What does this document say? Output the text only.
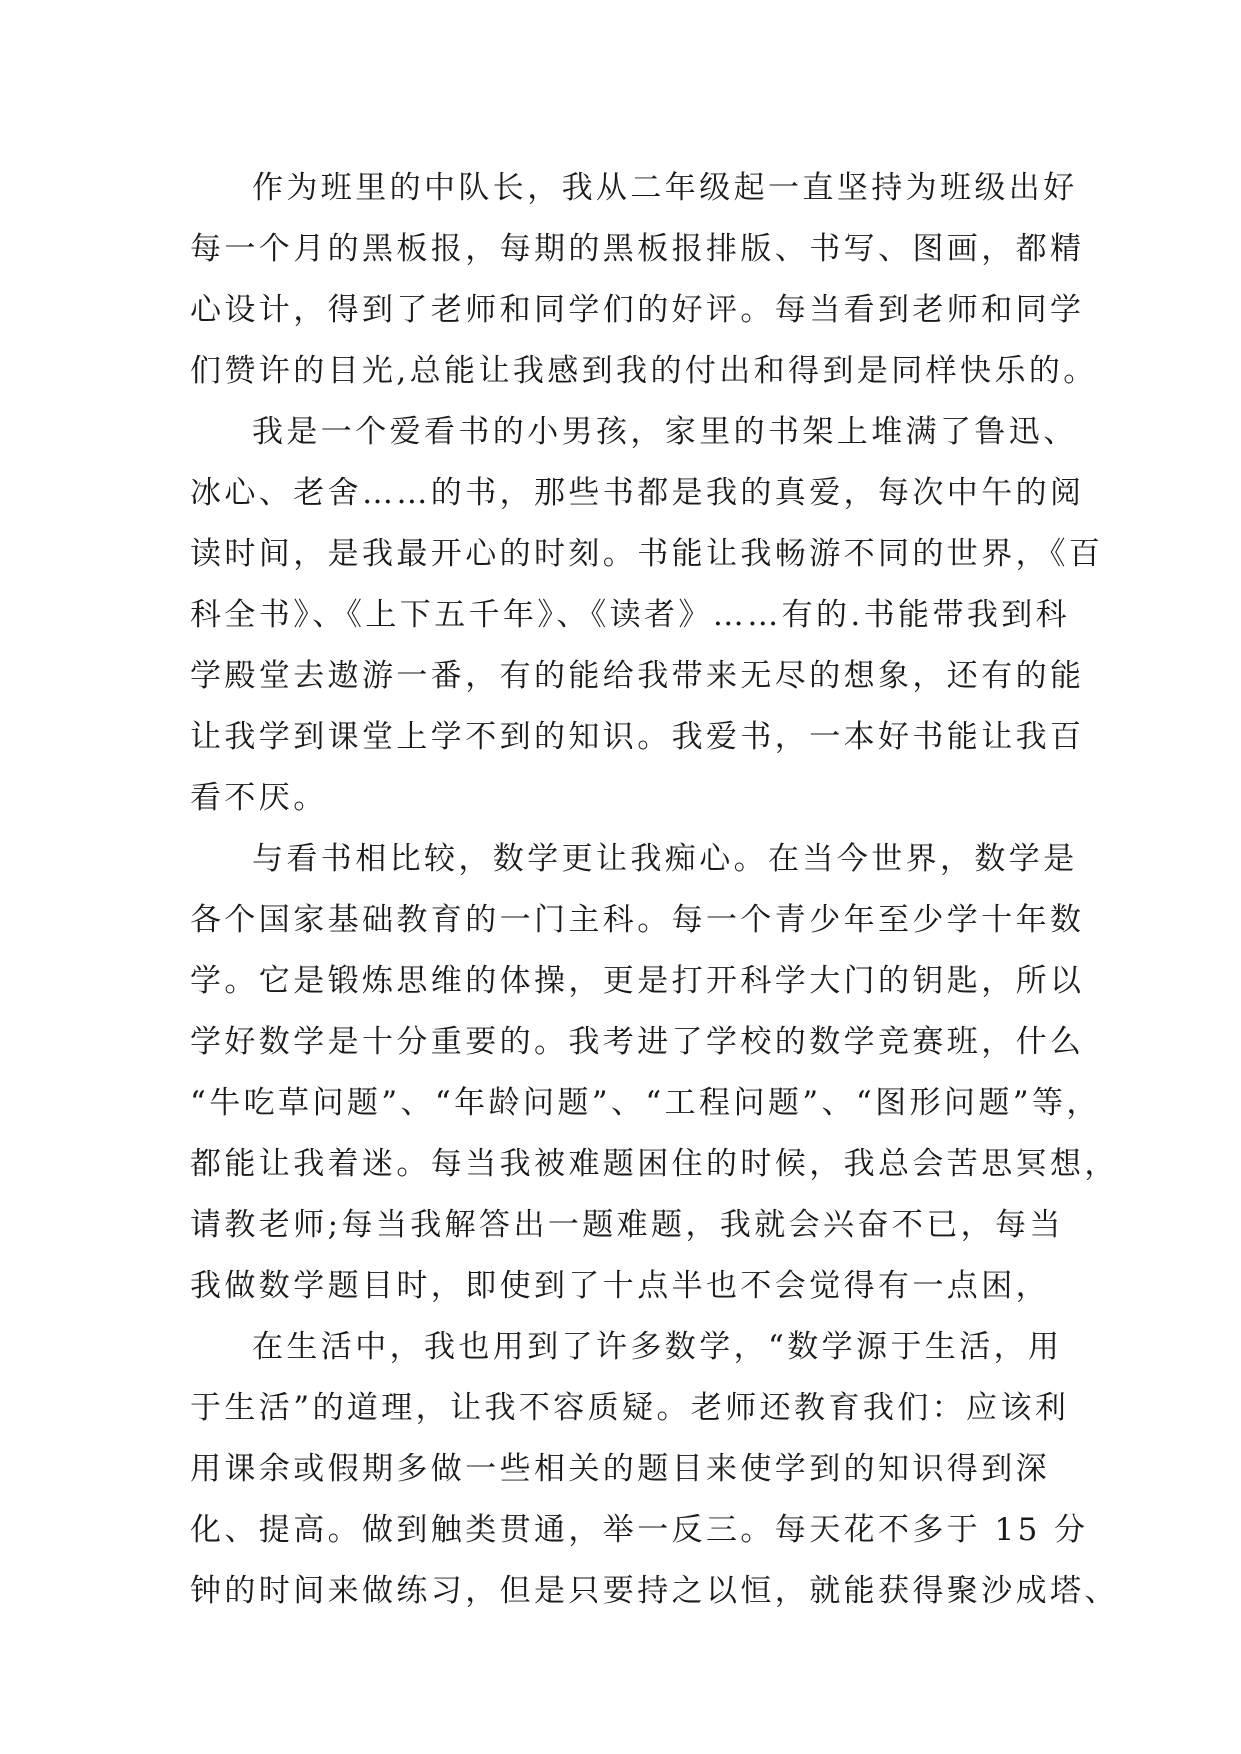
作为班里的中队长，我从二年级起一直坚持为班级出好
每一个月的黑板报，每期的黑板报排版、书写、图画，都精
心设计，得到了老师和同学们的好评。每当看到老师和同学
们赞许的目光,总能让我感到我的付出和得到是同样快乐的。
我是一个爱看书的小男孩，家里的书架上堆满了鲁迅、
冰心、老舍……的书，那些书都是我的真爱，每次中午的阅
读时间，是我最开心的时刻。书能让我畅游不同的世界，《百
科全书》、《上下五千年》、《读者》……有的.书能带我到科
学殿堂去遨游一番，有的能给我带来无尽的想象，还有的能
让我学到课堂上学不到的知识。我爱书，一本好书能让我百
看不厌。
与看书相比较，数学更让我痴心。在当今世界，数学是
各个国家基础教育的一门主科。每一个青少年至少学十年数
学。它是锻炼思维的体操，更是打开科学大门的钥匙，所以
学好数学是十分重要的。我考进了学校的数学竞赛班，什么
“牛吃草问题”、“年龄问题”、“工程问题”、“图形问题”等，
都能让我着迷。每当我被难题困住的时候，我总会苦思冥想，
请教老师;每当我解答出一题难题，我就会兴奋不已，每当
我做数学题目时，即使到了十点半也不会觉得有一点困，
在生活中，我也用到了许多数学，“数学源于生活，用
于生活”的道理，让我不容质疑。老师还教育我们：应该利
用课余或假期多做一些相关的题目来使学到的知识得到深
化、提高。做到触类贯通，举一反三。每天花不多于 15 分
钟的时间来做练习，但是只要持之以恒，就能获得聚沙成塔、
